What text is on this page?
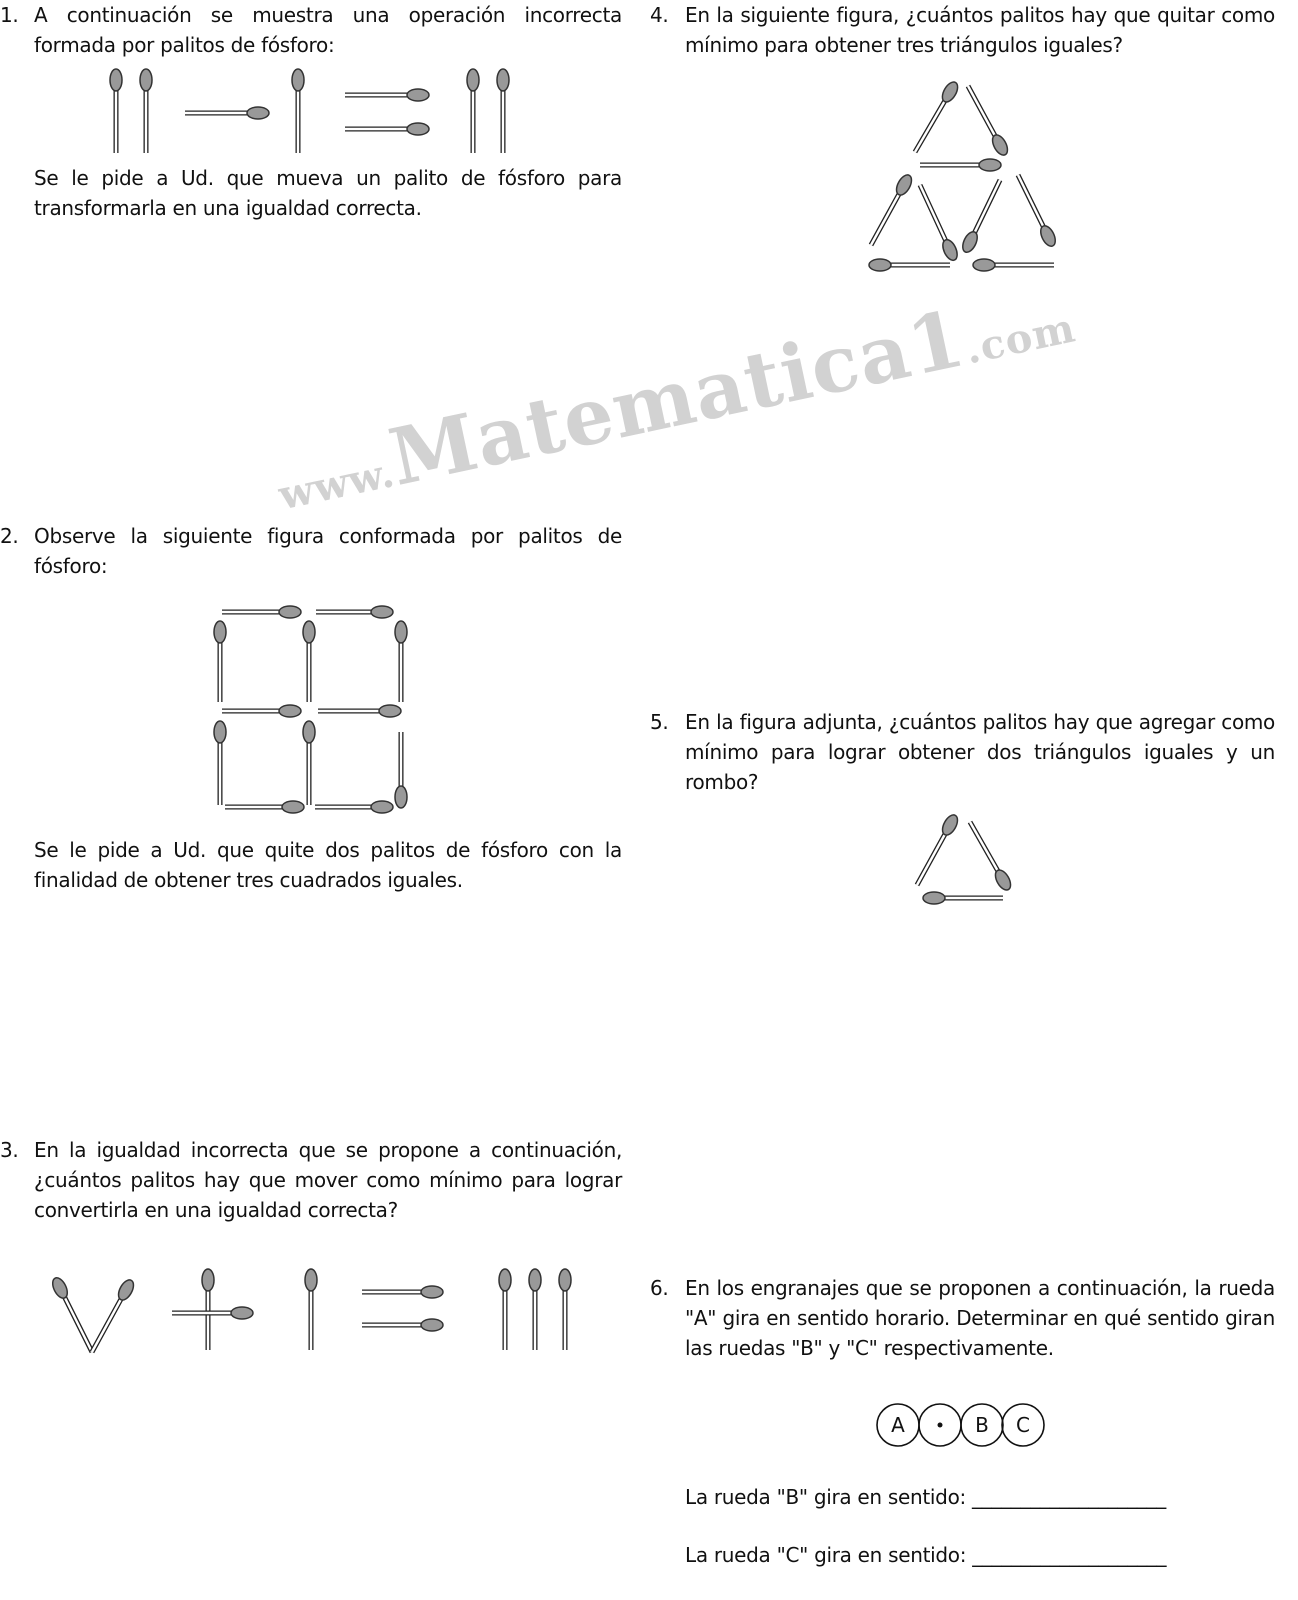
www.Matematica1.com
A	B C
1. A continuación se muestra una operación incorrecta formada por palitos de fósforo:
Se le pide a Ud. que mueva un palito de fósforo para transformarla en una igualdad correcta.
2. Observe la siguiente figura conformada por palitos de fósforo:
Se le pide a Ud. que quite dos palitos de fósforo con la finalidad de obtener tres cuadrados iguales.
3. En la igualdad incorrecta que se propone a continuación, ¿cuántos palitos hay que mover como mínimo para lograr convertirla en una igualdad correcta?
4. En la siguiente figura, ¿cuántos palitos hay que quitar como mínimo para obtener tres triángulos iguales?
5. En la figura adjunta, ¿cuántos palitos hay que agregar como mínimo para lograr obtener dos triángulos iguales y un rombo?
6. En los engranajes que se proponen a continuación, la rueda "A" gira en sentido horario. Determinar en qué sentido giran las ruedas "B" y "C" respectivamente.
La rueda "B" gira en sentido: ____________________
La rueda "C" gira en sentido: ____________________
